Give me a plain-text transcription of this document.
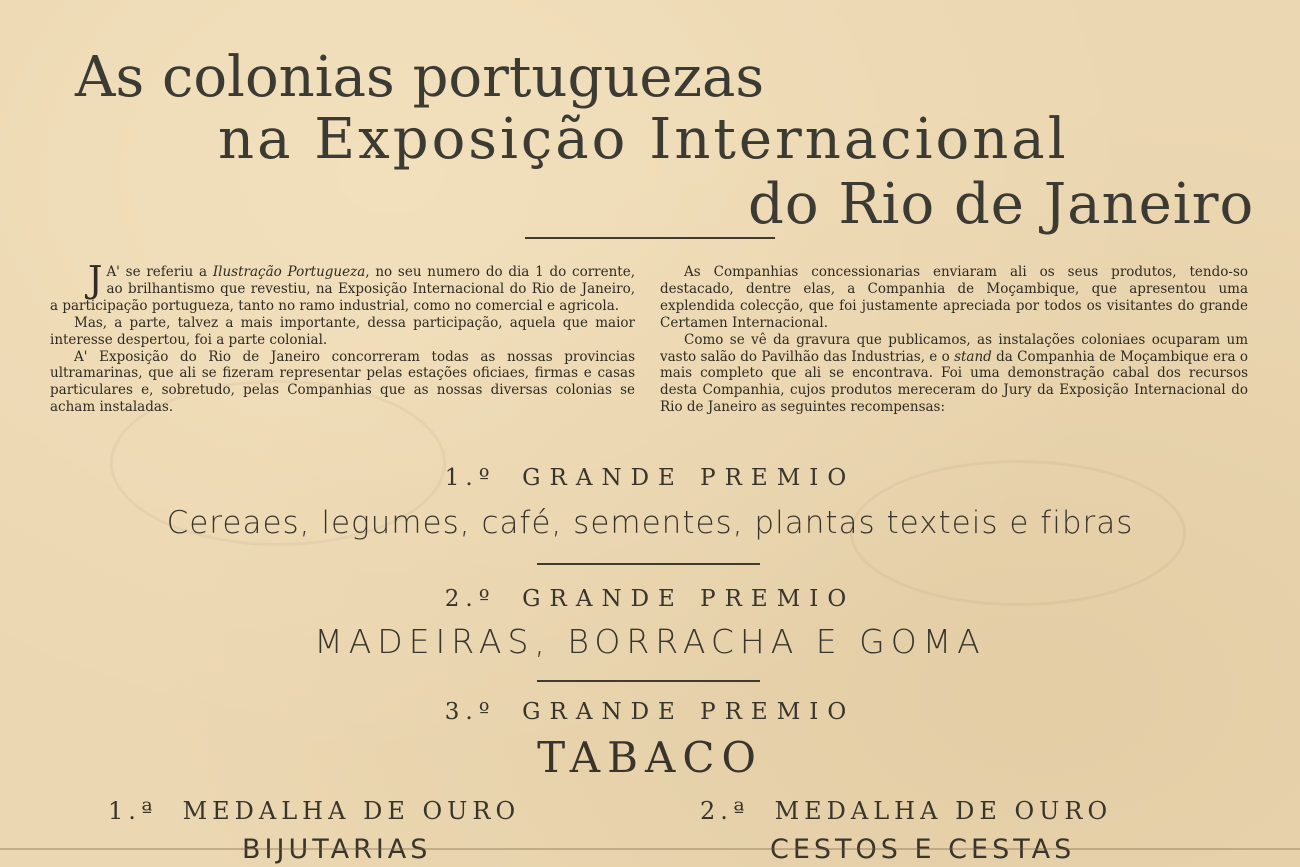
As colonias portuguezas
na Exposição Internacional
do Rio de Janeiro

J A' se referiu a Ilustração Portugueza, no seu numero do dia 1 do corrente, ao brilhantismo que revestiu, na Exposição Internacional do Rio de Janeiro, a participação portugueza, tanto no ramo industrial, como no comercial e agricola.

Mas, a parte, talvez a mais importante, dessa participação, aquela que maior interesse despertou, foi a parte colonial.

A' Exposição do Rio de Janeiro concorreram todas as nossas provincias ultramarinas, que ali se fizeram representar pelas estações oficiaes, firmas e casas particulares e, sobretudo, pelas Companhias que as nossas diversas colonias se acham instaladas.

As Companhias concessionarias enviaram ali os seus produtos, tendo-so destacado, dentre elas, a Companhia de Moçambique, que apresentou uma explendida colecção, que foi justamente apreciada por todos os visitantes do grande Certamen Internacional.

Como se vê da gravura que publicamos, as instalações coloniaes ocuparam um vasto salão do Pavilhão das Industrias, e o stand da Companhia de Moçambique era o mais completo que ali se encontrava. Foi uma demonstração cabal dos recursos desta Companhia, cujos produtos mereceram do Jury da Exposição Internacional do Rio de Janeiro as seguintes recompensas:

1.º GRANDE PREMIO
Cereaes, legumes, café, sementes, plantas texteis e fibras
2.º GRANDE PREMIO
MADEIRAS, BORRACHA E GOMA
3.º GRANDE PREMIO
TABACO
1.ª MEDALHA DE OURO	2.ª MEDALHA DE OURO
BIJUTARIAS	CESTOS E CESTAS
